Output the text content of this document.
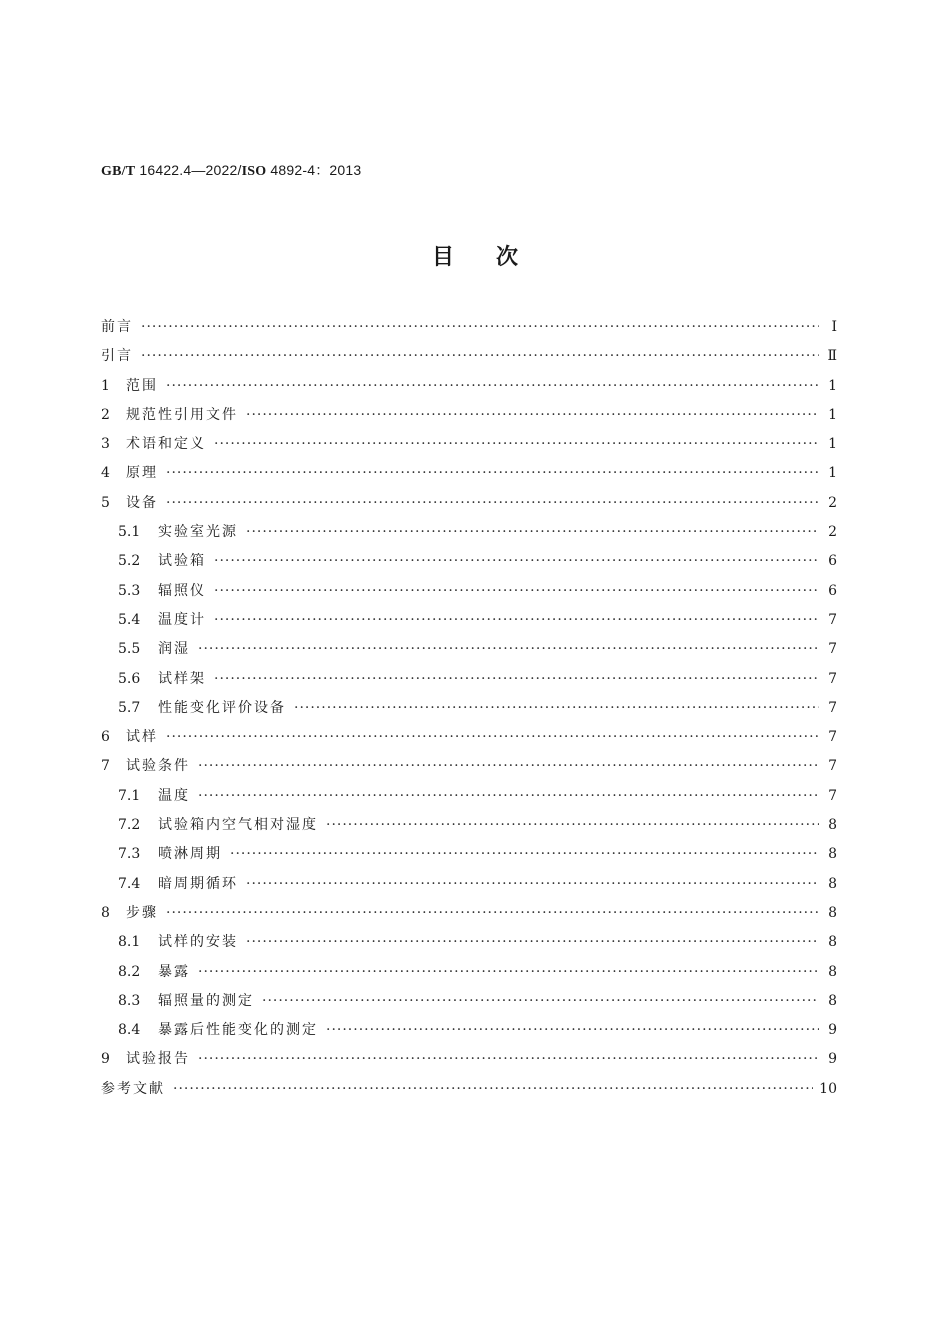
GB/T 16422.4—2022/ISO 4892-4：2013
目次
前言 ·····	Ⅰ
引言 ·····	Ⅱ
1	范围 ·····	1
2	规范性引用文件 ·····	1
3	术语和定义 ·····	1
4	原理 ·····	1
5	设备 ·····	2
5.1	实验室光源 ·····	2
5.2	试验箱 ·····	6
5.3	辐照仪 ·····	6
5.4	温度计 ·····	7
5.5	润湿 ·····	7
5.6	试样架 ·····	7
5.7	性能变化评价设备 ·····	7
6	试样 ·····	7
7	试验条件 ·····	7
7.1	温度 ·····	7
7.2	试验箱内空气相对湿度 ·····	8
7.3	喷淋周期 ·····	8
7.4	暗周期循环 ·····	8
8	步骤 ·····	8
8.1	试样的安装 ·····	8
8.2	暴露 ·····	8
8.3	辐照量的测定 ·····	8
8.4	暴露后性能变化的测定 ·····	9
9	试验报告 ·····	9
参考文献 ·····	10
